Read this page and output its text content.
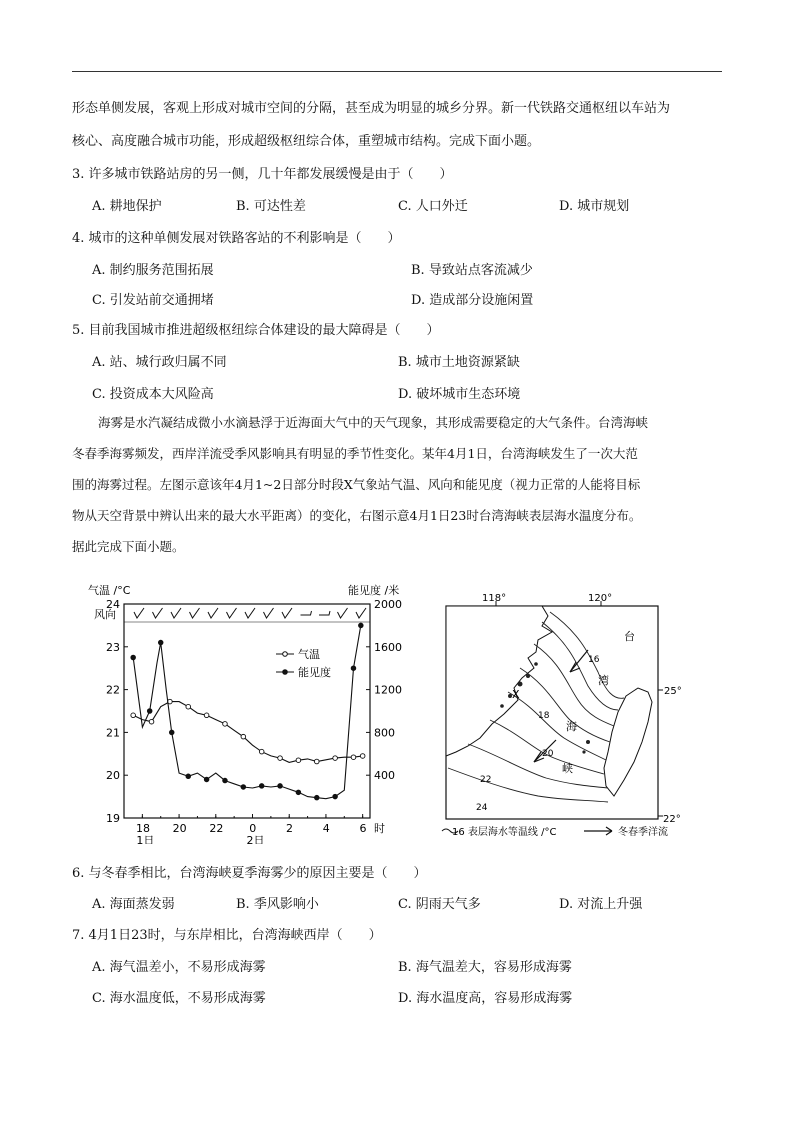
形态单侧发展，客观上形成对城市空间的分隔，甚至成为明显的城乡分界。新一代铁路交通枢纽以车站为
核心、高度融合城市功能，形成超级枢纽综合体，重塑城市结构。完成下面小题。
3. 许多城市铁路站房的另一侧，几十年都发展缓慢是由于（　　）
A. 耕地保护	B. 可达性差	C. 人口外迁	D. 城市规划
4. 城市的这种单侧发展对铁路客站的不利影响是（　　）
A. 制约服务范围拓展	B. 导致站点客流减少
C. 引发站前交通拥堵	D. 造成部分设施闲置
5. 目前我国城市推进超级枢纽综合体建设的最大障碍是（　　）
A. 站、城行政归属不同	B. 城市土地资源紧缺
C. 投资成本大风险高	D. 破坏城市生态环境
海雾是水汽凝结成微小水滴悬浮于近海面大气中的天气现象，其形成需要稳定的大气条件。台湾海峡
冬春季海雾频发，西岸洋流受季风影响具有明显的季节性变化。某年4月1日，台湾海峡发生了一次大范
围的海雾过程。左图示意该年4月1~2日部分时段X气象站气温、风向和能见度（视力正常的人能将目标
物从天空背景中辨认出来的最大水平距离）的变化，右图示意4月1日23时台湾海峡表层海水温度分布。
据此完成下面小题。
19
20
21
22
23
24
400
800
1200
1600
2000
18 20 22 0	2	4	6 时
1日	2日
气温 /°C	能见度 /米
风向
气温
能见度
118°	120°
25°
22°
X
16
18
20
22
24
台
湾
海
峡
16 表层海水等温线 /°C	冬春季洋流
6. 与冬春季相比，台湾海峡夏季海雾少的原因主要是（　　）
A. 海面蒸发弱	B. 季风影响小	C. 阴雨天气多	D. 对流上升强
7. 4月1日23时，与东岸相比，台湾海峡西岸（　　）
A. 海气温差小，不易形成海雾	B. 海气温差大，容易形成海雾
C. 海水温度低，不易形成海雾	D. 海水温度高，容易形成海雾
